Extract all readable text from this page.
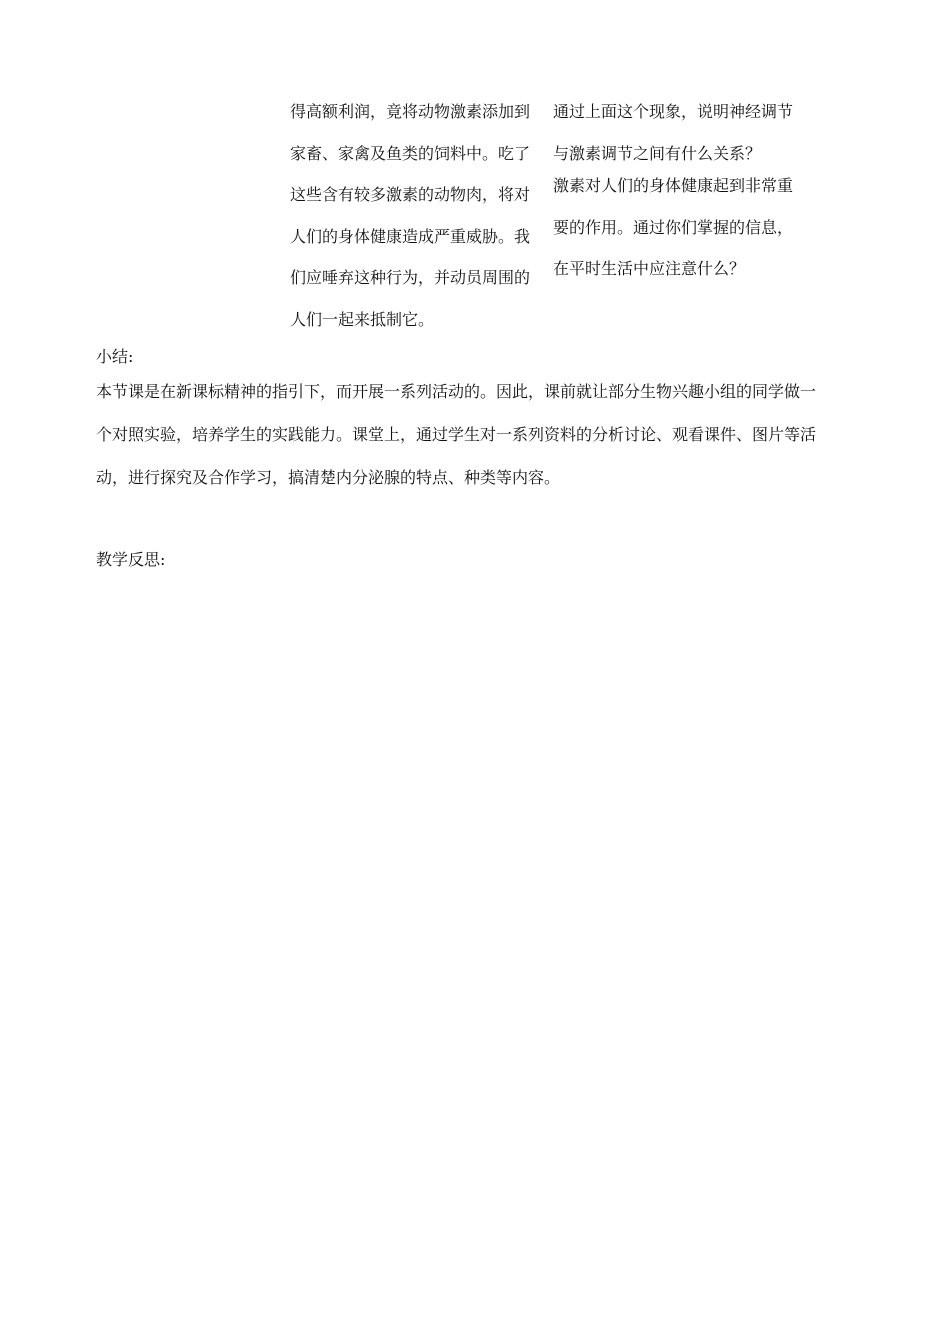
得高额利润，竟将动物激素添加到
家畜、家禽及鱼类的饲料中。吃了
这些含有较多激素的动物肉，将对
人们的身体健康造成严重威胁。我
们应唾弃这种行为，并动员周围的
人们一起来抵制它。
通过上面这个现象，说明神经调节
与激素调节之间有什么关系？
激素对人们的身体健康起到非常重
要的作用。通过你们掌握的信息，
在平时生活中应注意什么？
小结:
本节课是在新课标精神的指引下，而开展一系列活动的。因此，课前就让部分生物兴趣小组的同学做一
个对照实验，培养学生的实践能力。课堂上，通过学生对一系列资料的分析讨论、观看课件、图片等活
动，进行探究及合作学习，搞清楚内分泌腺的特点、种类等内容。
教学反思:
